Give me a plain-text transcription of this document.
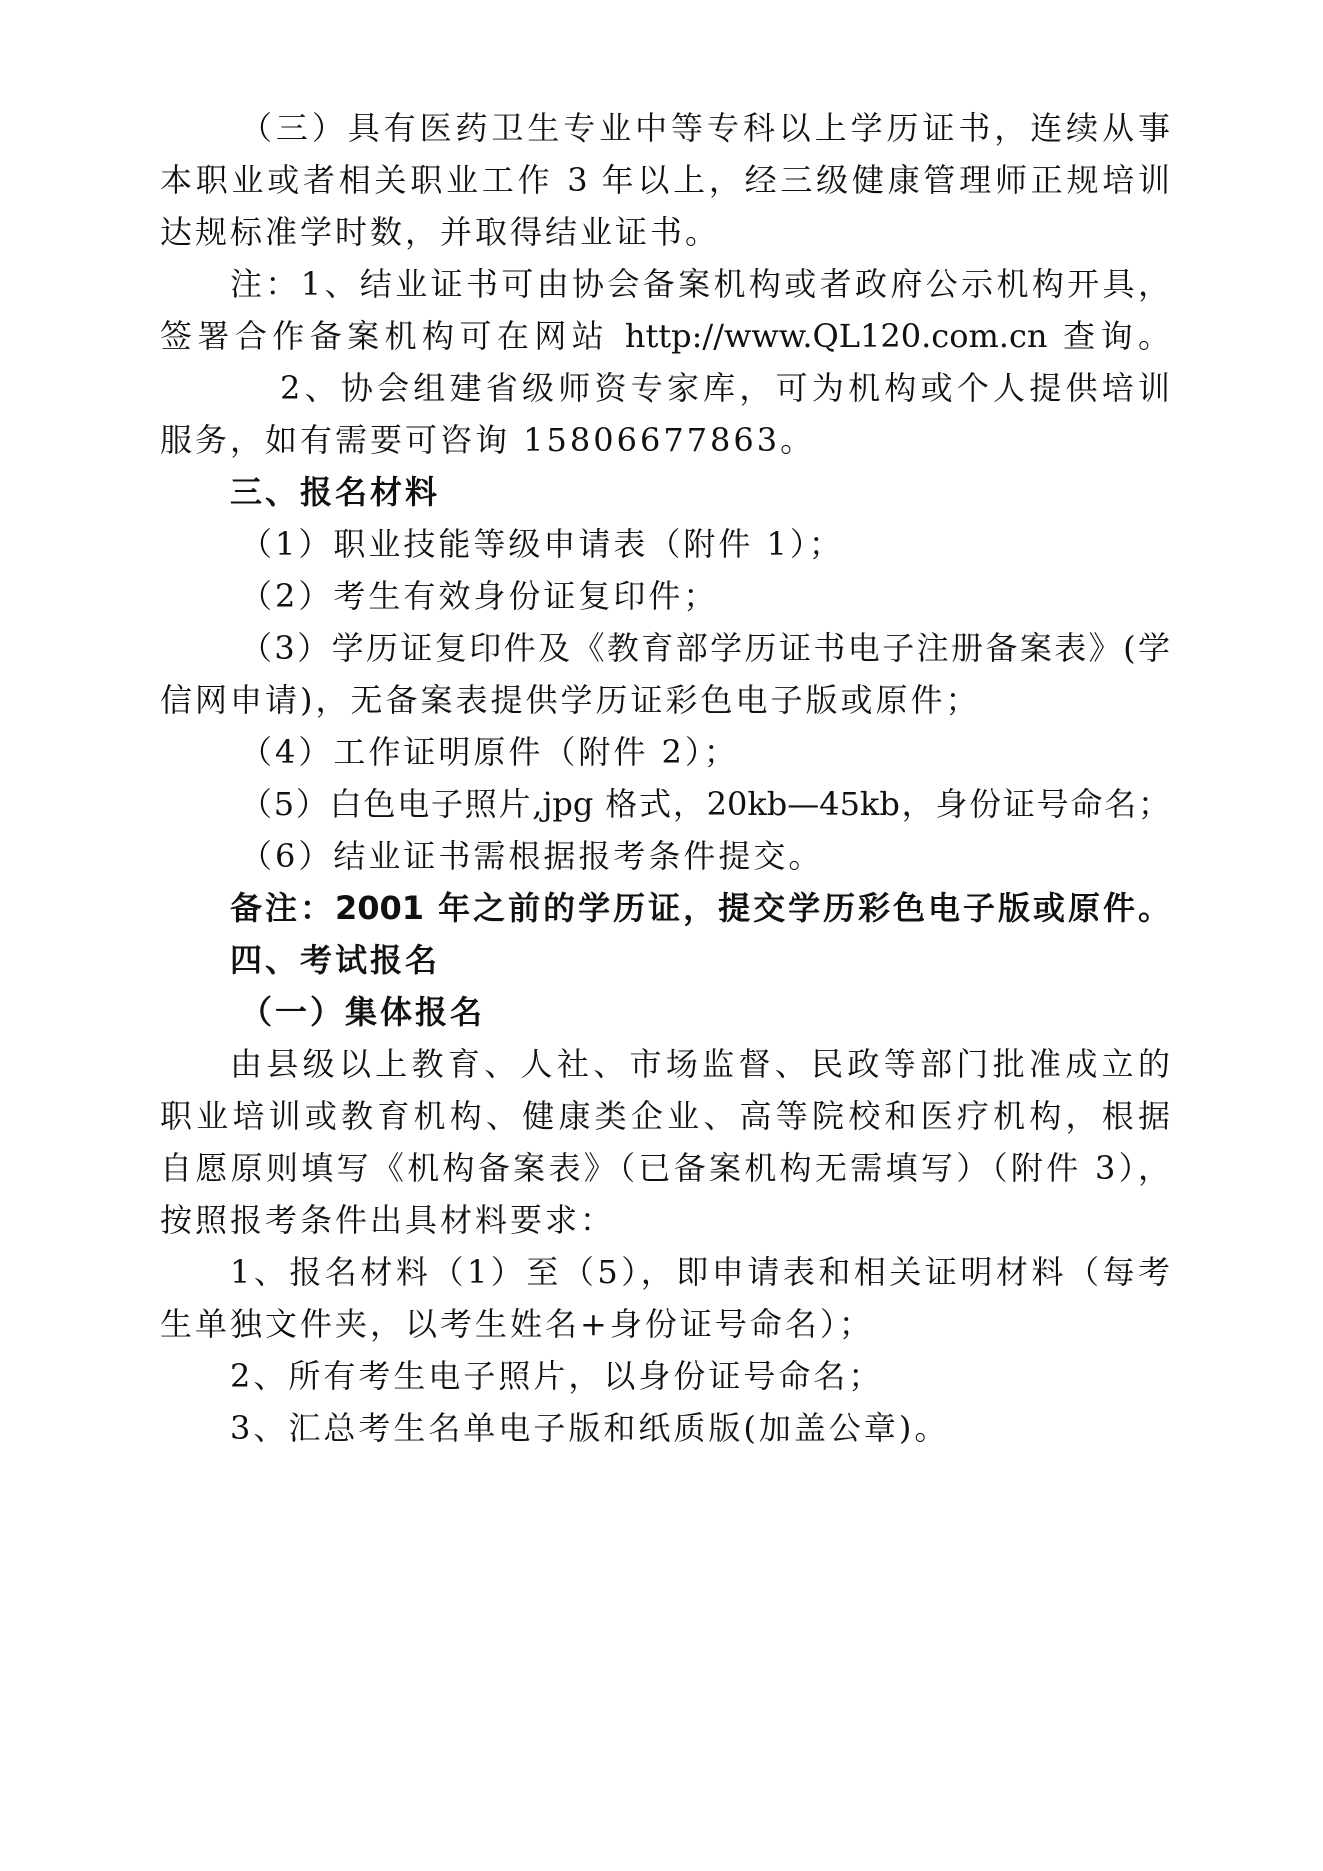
（三）具有医药卫生专业中等专科以上学历证书，连续从事
本职业或者相关职业工作 3 年以上，经三级健康管理师正规培训
达规标准学时数，并取得结业证书。
注：1、结业证书可由协会备案机构或者政府公示机构开具，
签署合作备案机构可在网站 http://www.QL120.com.cn 查询。
2、协会组建省级师资专家库，可为机构或个人提供培训
服务，如有需要可咨询 15806677863。
三、报名材料
（1）职业技能等级申请表（附件 1）；
（2）考生有效身份证复印件；
（3）学历证复印件及《教育部学历证书电子注册备案表》(学
信网申请)，无备案表提供学历证彩色电子版或原件；
（4）工作证明原件（附件 2）；
（5）白色电子照片,jpg 格式，20kb—45kb，身份证号命名；
（6）结业证书需根据报考条件提交。
备注：2001 年之前的学历证，提交学历彩色电子版或原件。
四、考试报名
（一）集体报名
由县级以上教育、人社、市场监督、民政等部门批准成立的
职业培训或教育机构、健康类企业、高等院校和医疗机构，根据
自愿原则填写《机构备案表》（已备案机构无需填写）（附件 3），
按照报考条件出具材料要求：
1、报名材料（1）至（5），即申请表和相关证明材料（每考
生单独文件夹，以考生姓名+身份证号命名）；
2、所有考生电子照片，以身份证号命名；
3、汇总考生名单电子版和纸质版(加盖公章)。
